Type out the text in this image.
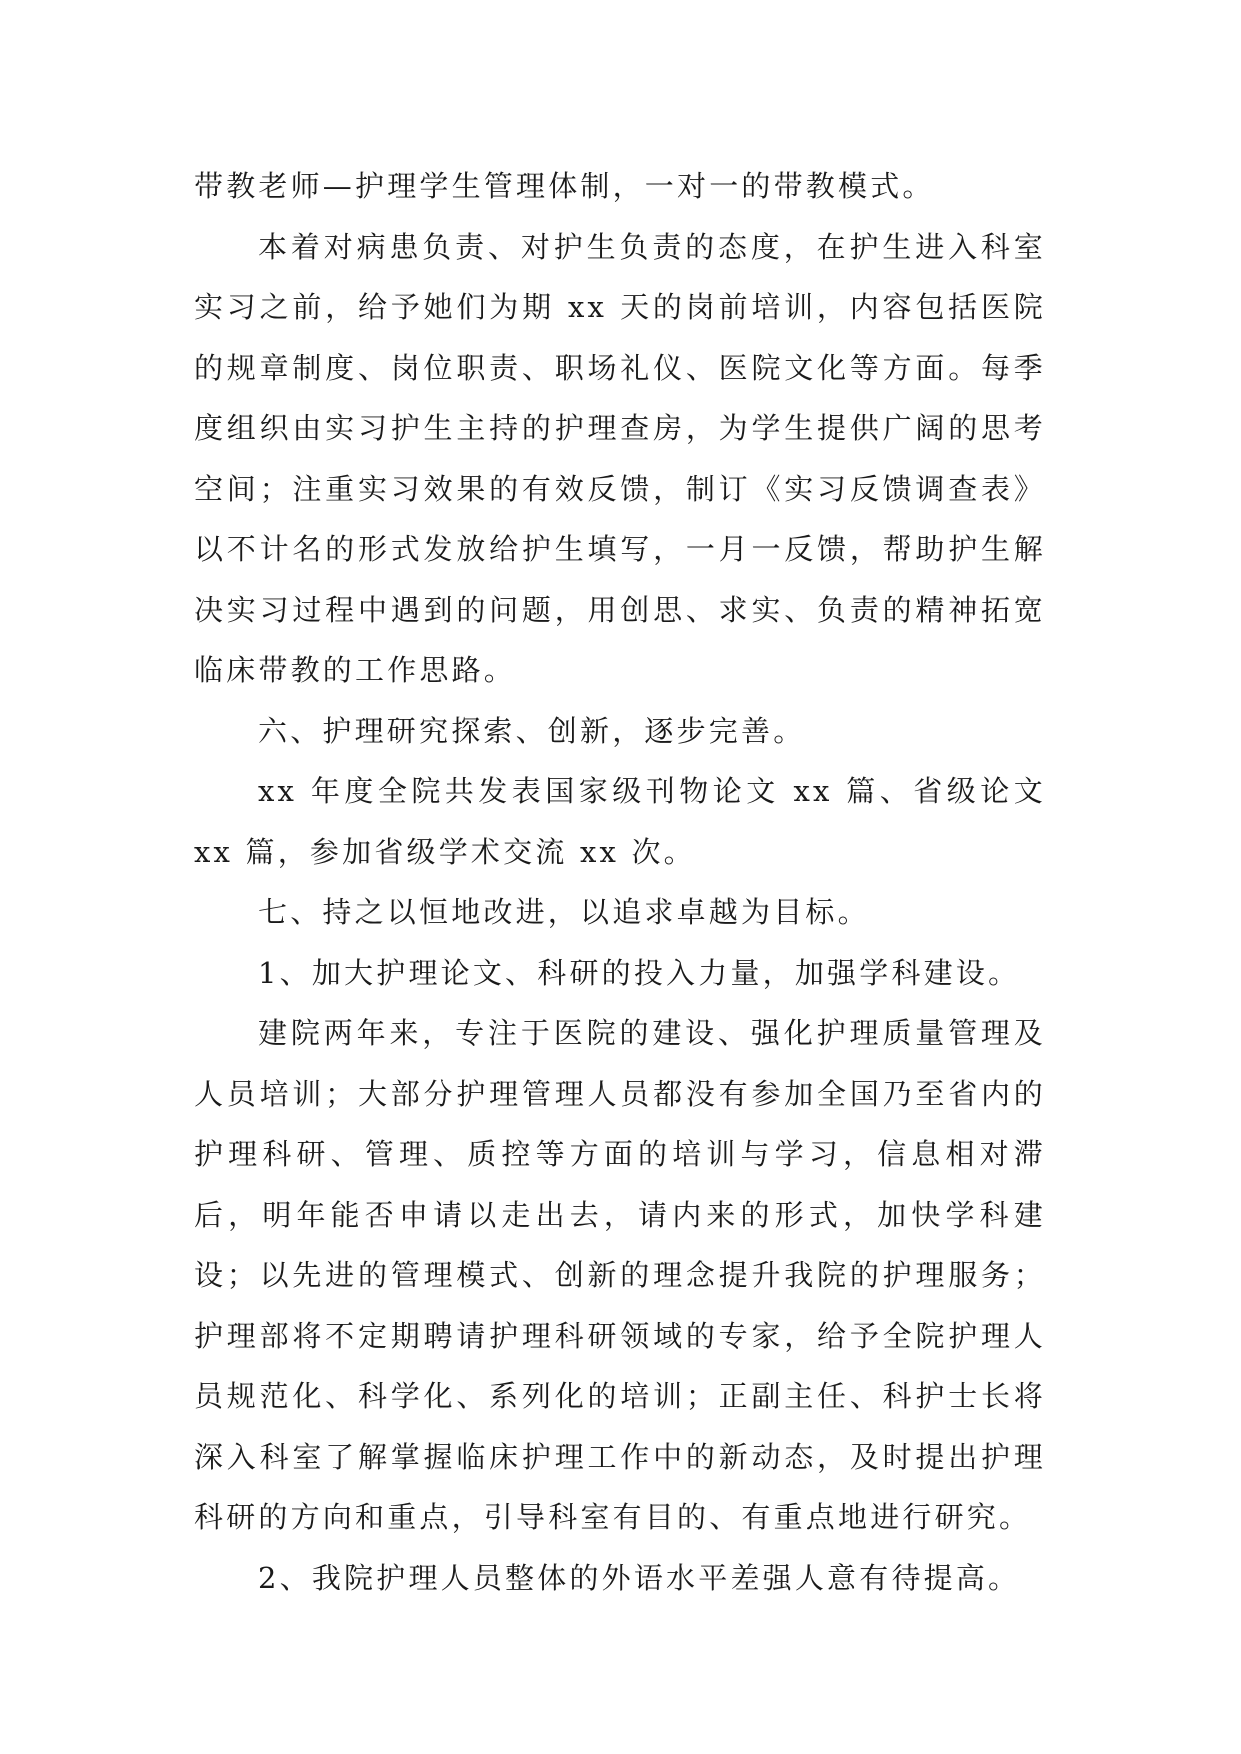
带教老师—护理学生管理体制，一对一的带教模式。

本着对病患负责、对护生负责的态度，在护生进入科室实习之前，给予她们为期 xx 天的岗前培训，内容包括医院的规章制度、岗位职责、职场礼仪、医院文化等方面。每季度组织由实习护生主持的护理查房，为学生提供广阔的思考空间；注重实习效果的有效反馈，制订《实习反馈调查表》以不计名的形式发放给护生填写，一月一反馈，帮助护生解决实习过程中遇到的问题，用创思、求实、负责的精神拓宽临床带教的工作思路。

六、护理研究探索、创新，逐步完善。

xx 年度全院共发表国家级刊物论文 xx 篇、省级论文 xx 篇，参加省级学术交流 xx 次。

七、持之以恒地改进，以追求卓越为目标。

1、加大护理论文、科研的投入力量，加强学科建设。

建院两年来，专注于医院的建设、强化护理质量管理及人员培训；大部分护理管理人员都没有参加全国乃至省内的护理科研、管理、质控等方面的培训与学习，信息相对滞后，明年能否申请以走出去，请内来的形式，加快学科建设；以先进的管理模式、创新的理念提升我院的护理服务；护理部将不定期聘请护理科研领域的专家，给予全院护理人员规范化、科学化、系列化的培训；正副主任、科护士长将深入科室了解掌握临床护理工作中的新动态，及时提出护理科研的方向和重点，引导科室有目的、有重点地进行研究。

2、我院护理人员整体的外语水平差强人意有待提高。
